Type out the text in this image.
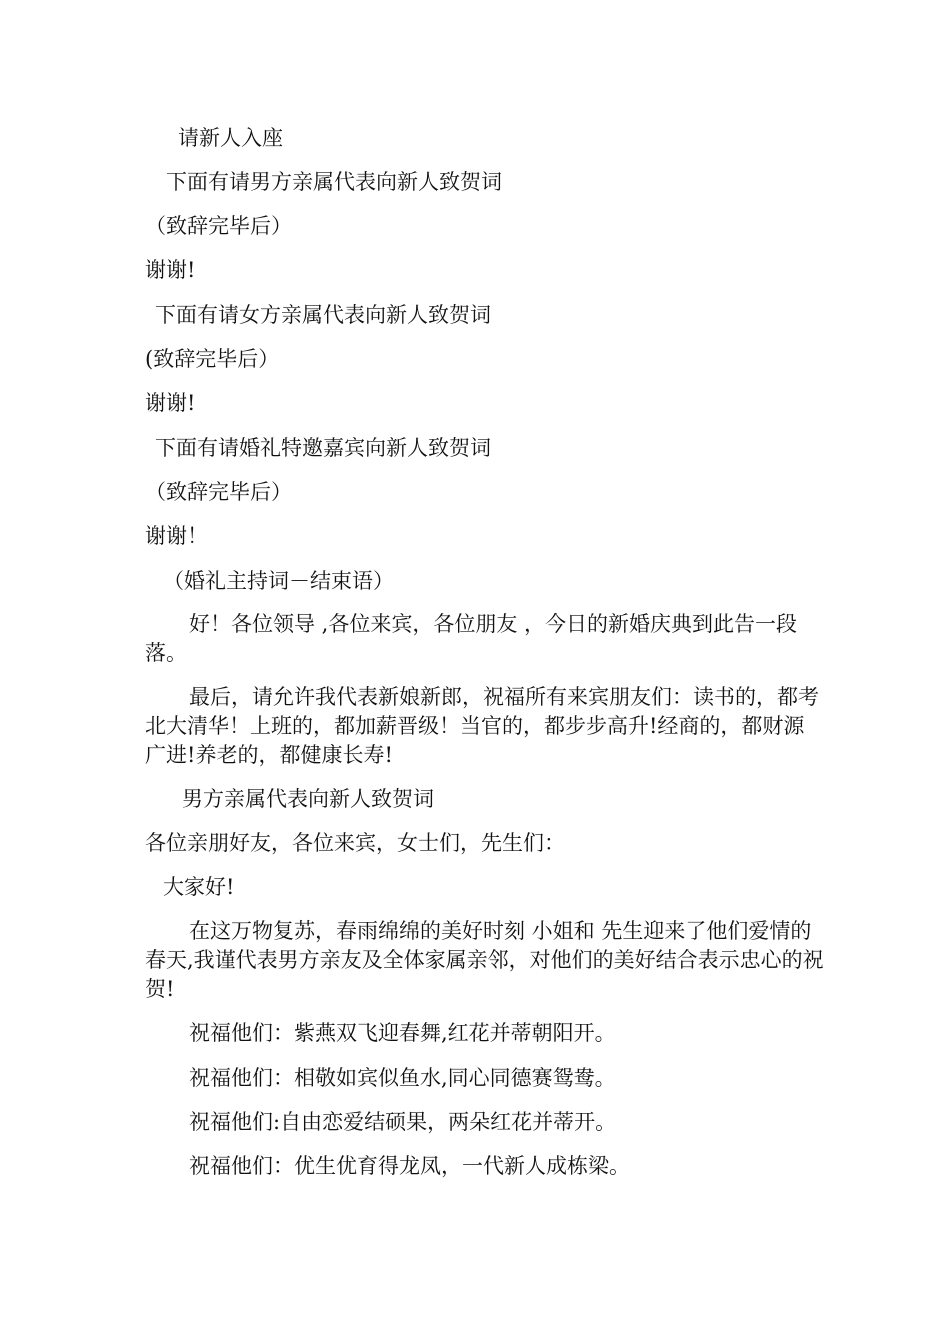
请新人入座
下面有请男方亲属代表向新人致贺词
（致辞完毕后）
谢谢!
下面有请女方亲属代表向新人致贺词
(致辞完毕后）
谢谢!
下面有请婚礼特邀嘉宾向新人致贺词
（致辞完毕后）
谢谢！
（婚礼主持词－结束语）
好！各位领导 ,各位来宾，各位朋友 ，今日的新婚庆典到此告一段落。
最后，请允许我代表新娘新郎，祝福所有来宾朋友们：读书的，都考北大清华！上班的，都加薪晋级！当官的，都步步高升!经商的，都财源广进!养老的，都健康长寿!
男方亲属代表向新人致贺词
各位亲朋好友，各位来宾，女士们，先生们：
大家好!
在这万物复苏，春雨绵绵的美好时刻 小姐和 先生迎来了他们爱情的春天,我谨代表男方亲友及全体家属亲邻，对他们的美好结合表示忠心的祝贺!
祝福他们：紫燕双飞迎春舞,红花并蒂朝阳开。
祝福他们：相敬如宾似鱼水,同心同德赛鸳鸯。
祝福他们:自由恋爱结硕果，两朵红花并蒂开。
祝福他们：优生优育得龙凤，一代新人成栋梁。
